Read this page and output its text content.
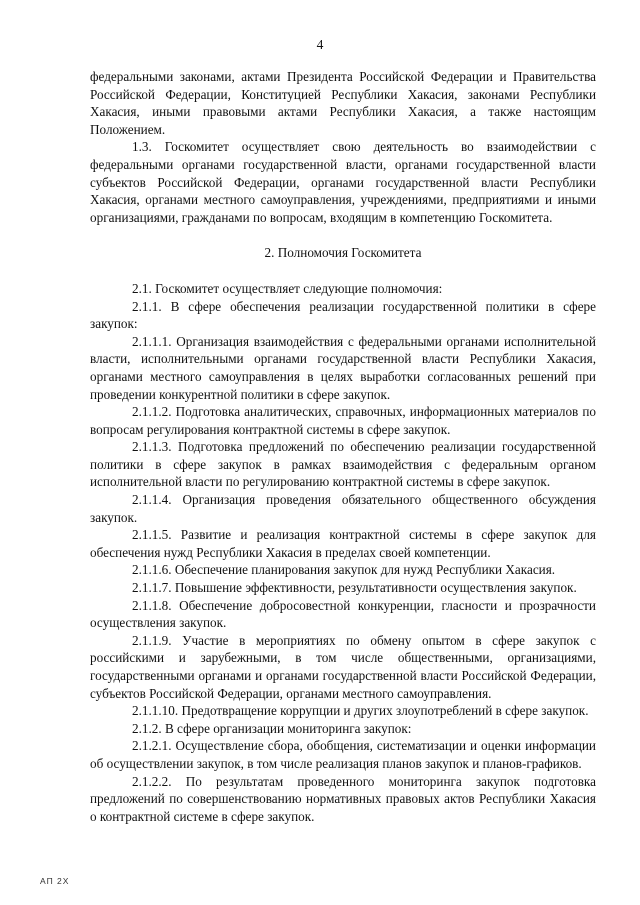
4

федеральными законами, актами Президента Российской Федерации и Правительства Российской Федерации, Конституцией Республики Хакасия, законами Республики Хакасия, иными правовыми актами Республики Хакасия, а также настоящим Положением.

1.3. Госкомитет осуществляет свою деятельность во взаимодействии с федеральными органами государственной власти, органами государственной власти субъектов Российской Федерации, органами государственной власти Республики Хакасия, органами местного самоуправления, учреждениями, предприятиями и иными организациями, гражданами по вопросам, входящим в компетенцию Госкомитета.

2. Полномочия Госкомитета

2.1. Госкомитет осуществляет следующие полномочия:

2.1.1. В сфере обеспечения реализации государственной политики в сфере закупок:

2.1.1.1. Организация взаимодействия с федеральными органами исполнительной власти, исполнительными органами государственной власти Республики Хакасия, органами местного самоуправления в целях выработки согласованных решений при проведении конкурентной политики в сфере закупок.

2.1.1.2. Подготовка аналитических, справочных, информационных материалов по вопросам регулирования контрактной системы в сфере закупок.

2.1.1.3. Подготовка предложений по обеспечению реализации государственной политики в сфере закупок в рамках взаимодействия с федеральным органом исполнительной власти по регулированию контрактной системы в сфере закупок.

2.1.1.4. Организация проведения обязательного общественного обсуждения закупок.

2.1.1.5. Развитие и реализация контрактной системы в сфере закупок для обеспечения нужд Республики Хакасия в пределах своей компетенции.

2.1.1.6. Обеспечение планирования закупок для нужд Республики Хакасия.

2.1.1.7. Повышение эффективности, результативности осуществления закупок.

2.1.1.8. Обеспечение добросовестной конкуренции, гласности и прозрачности осуществления закупок.

2.1.1.9. Участие в мероприятиях по обмену опытом в сфере закупок с российскими и зарубежными, в том числе общественными, организациями, государственными органами и органами государственной власти Российской Федерации, субъектов Российской Федерации, органами местного самоуправления.

2.1.1.10. Предотвращение коррупции и других злоупотреблений в сфере закупок.

2.1.2. В сфере организации мониторинга закупок:

2.1.2.1. Осуществление сбора, обобщения, систематизации и оценки информации об осуществлении закупок, в том числе реализация планов закупок и планов-графиков.

2.1.2.2. По результатам проведенного мониторинга закупок подготовка предложений по совершенствованию нормативных правовых актов Республики Хакасия о контрактной системе в сфере закупок.

АП 2Х
